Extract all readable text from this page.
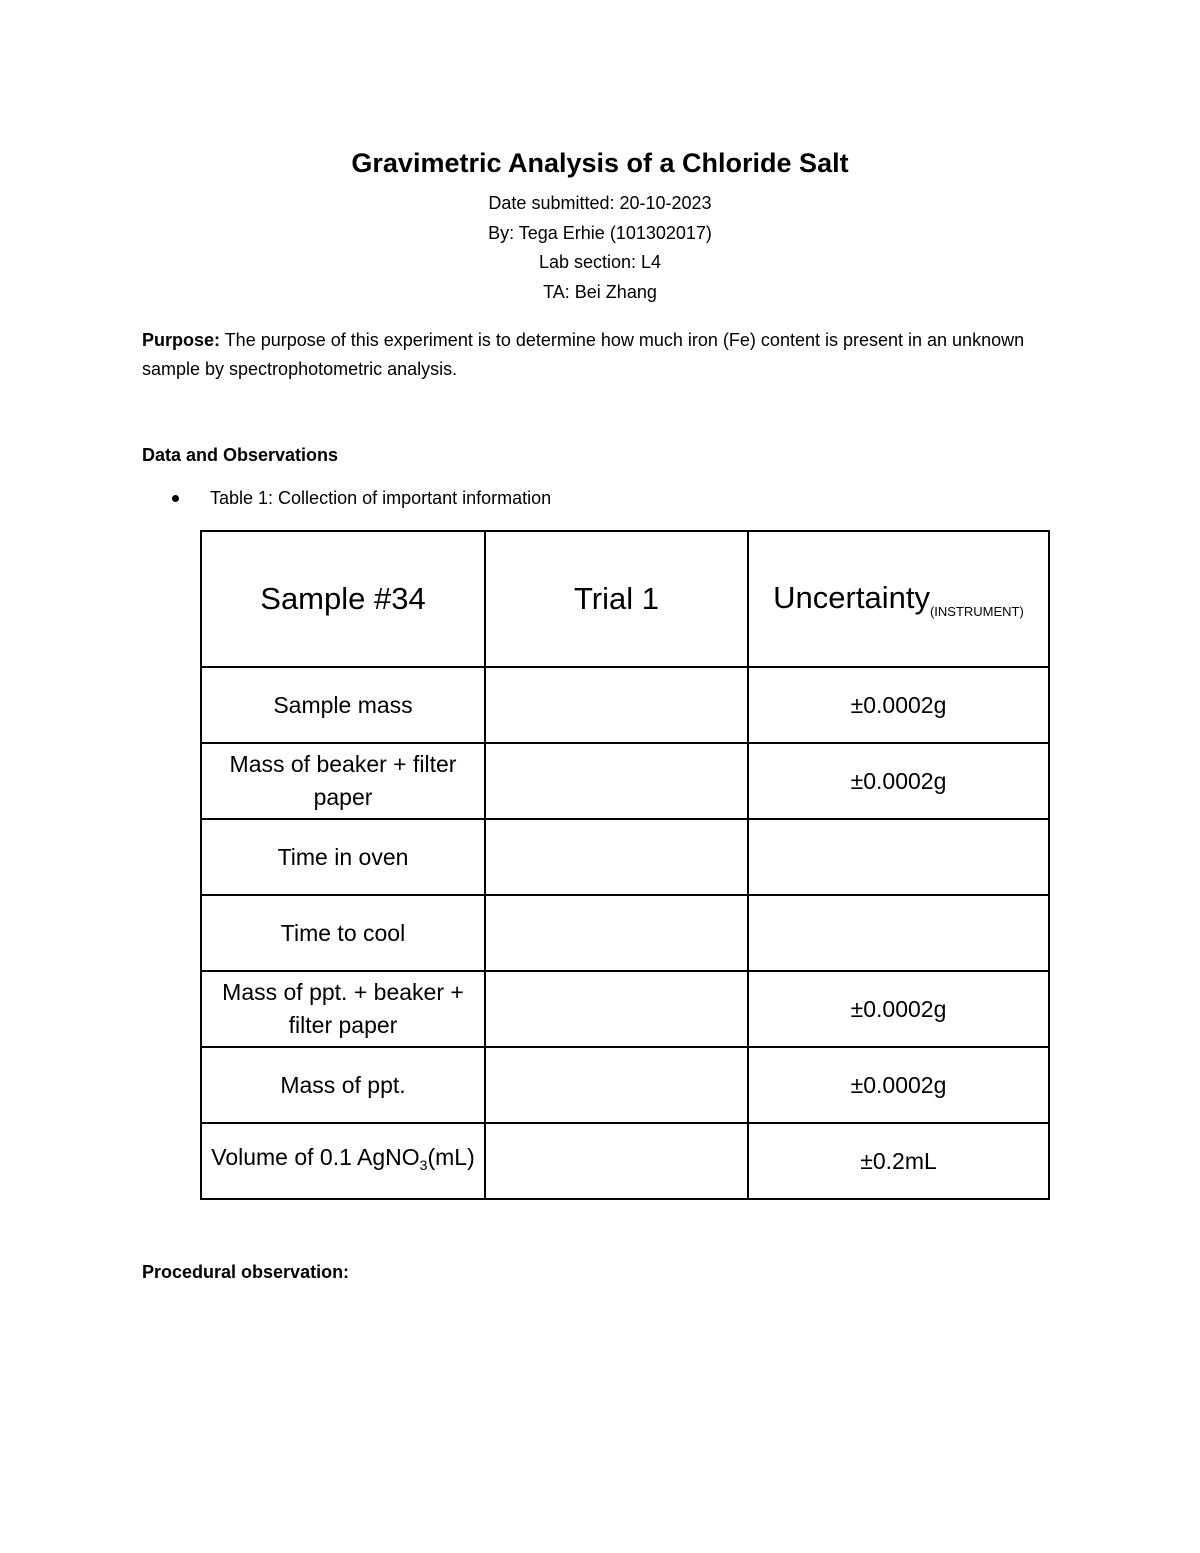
Gravimetric Analysis of a Chloride Salt
Date submitted: 20-10-2023
By: Tega Erhie (101302017)
Lab section: L4
TA: Bei Zhang
Purpose: The purpose of this experiment is to determine how much iron (Fe) content is present in an unknown sample by spectrophotometric analysis.
Data and Observations
Table 1: Collection of important information
Sample #34	Trial 1	Uncertainty$_{(INSTRUMENT)}$
Sample mass		±0.0002g
Mass of beaker + filter paper		±0.0002g
Time in oven		
Time to cool		
Mass of ppt. + beaker + filter paper		±0.0002g
Mass of ppt.		±0.0002g
Volume of 0.1 AgNO$_3$(mL)		±0.2mL
Procedural observation:
